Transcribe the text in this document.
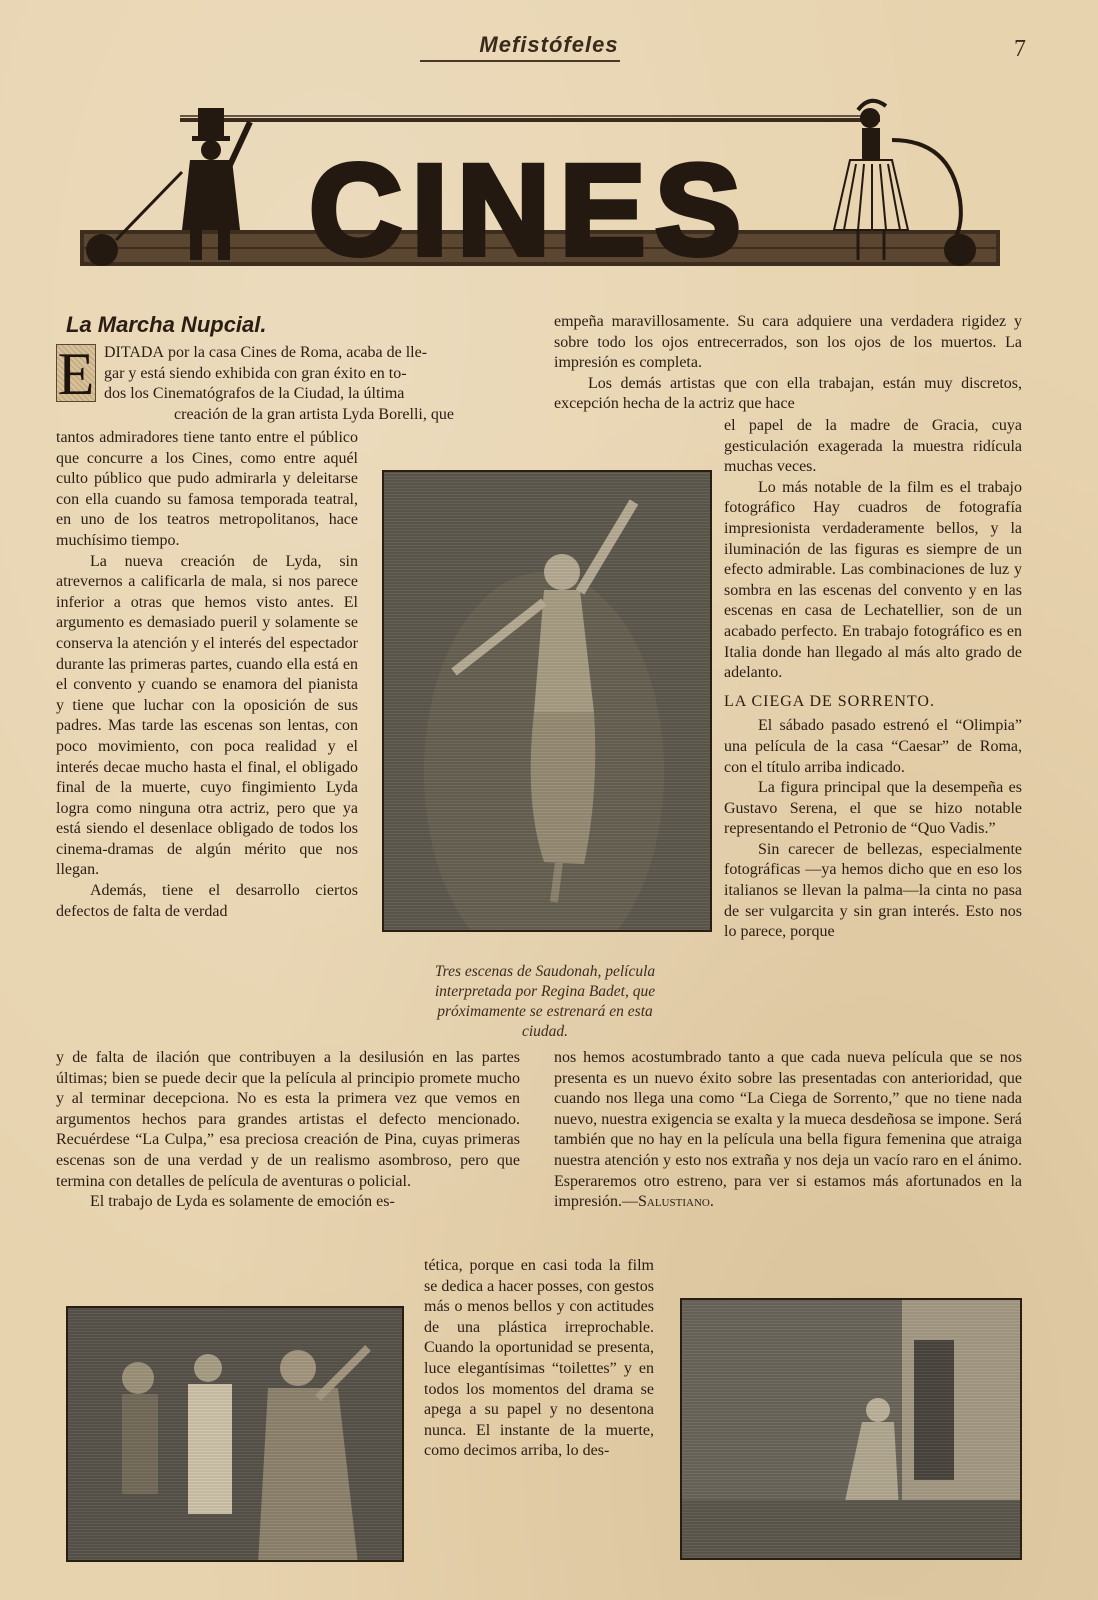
Mefistófeles	7
CINES
La Marcha Nupcial.
E DITADA por la casa Cines de Roma, acaba de lle-

gar y está siendo exhibida con gran éxito en to-

dos los Cinematógrafos de la Ciudad, la última

creación de la gran artista Lyda Borelli, que

tantos admiradores tiene tanto entre el público que concurre a los Cines, como entre aquél culto público que pudo admirarla y deleitarse con ella cuando su famosa temporada teatral, en uno de los teatros metropolitanos, hace muchísimo tiempo.

La nueva creación de Lyda, sin atrevernos a calificarla de mala, si nos parece inferior a otras que hemos visto antes. El argumento es demasiado pueril y solamente se conserva la atención y el interés del espectador durante las primeras partes, cuando ella está en el convento y cuando se enamora del pianista y tiene que luchar con la oposición de sus padres. Mas tarde las escenas son lentas, con poco movimiento, con poca realidad y el interés decae mucho hasta el final, el obligado final de la muerte, cuyo fingimiento Lyda logra como ninguna otra actriz, pero que ya está siendo el desenlace obligado de todos los cinema-dramas de algún mérito que nos llegan.

Además, tiene el desarrollo ciertos defectos de falta de verdad

Tres escenas de Saudonah, película

interpretada por Regina Badet, que

próximamente se estrenará en esta

ciudad.

empeña maravillosamente. Su cara adquiere una verdadera rigidez y sobre todo los ojos entrecerrados, son los ojos de los muertos. La impresión es completa.

Los demás artistas que con ella trabajan, están muy discretos, excepción hecha de la actriz que hace

el papel de la madre de Gracia, cuya gesticulación exagerada la muestra ridícula muchas veces.

Lo más notable de la film es el trabajo fotográfico Hay cuadros de fotografía impresionista verdaderamente bellos, y la iluminación de las figuras es siempre de un efecto admirable. Las combinaciones de luz y sombra en las escenas del convento y en las escenas en casa de Lechatellier, son de un acabado perfecto. En trabajo fotográfico es en Italia donde han llegado al más alto grado de adelanto.

LA CIEGA DE SORRENTO.

El sábado pasado estrenó el “Olimpia” una película de la casa “Caesar” de Roma, con el título arriba indicado.

La figura principal que la desempeña es Gustavo Serena, el que se hizo notable representando el Petronio de “Quo Vadis.”

Sin carecer de bellezas, especialmente fotográficas —ya hemos dicho que en eso los italianos se llevan la palma—la cinta no pasa de ser vulgarcita y sin gran interés. Esto nos lo parece, porque

y de falta de ilación que contribuyen a la desilusión en las partes últimas; bien se puede decir que la película al principio promete mucho y al terminar decepciona. No es esta la primera vez que vemos en argumentos hechos para grandes artistas el defecto mencionado. Recuérdese “La Culpa,” esa preciosa creación de Pina, cuyas primeras escenas son de una verdad y de un realismo asombroso, pero que termina con detalles de película de aventuras o policial.

El trabajo de Lyda es solamente de emoción es-

nos hemos acostumbrado tanto a que cada nueva película que se nos presenta es un nuevo éxito sobre las presentadas con anterioridad, que cuando nos llega una como “La Ciega de Sorrento,” que no tiene nada nuevo, nuestra exigencia se exalta y la mueca desdeñosa se impone. Será también que no hay en la película una bella figura femenina que atraiga nuestra atención y esto nos extraña y nos deja un vacío raro en el ánimo. Esperaremos otro estreno, para ver si estamos más afortunados en la impresión.—Salustiano.

tética, porque en casi toda la film se dedica a hacer posses, con gestos más o menos bellos y con actitudes de una plástica irreprochable. Cuando la oportunidad se presenta, luce elegantísimas “toilettes” y en todos los momentos del drama se apega a su papel y no desentona nunca. El instante de la muerte, como decimos arriba, lo des-
